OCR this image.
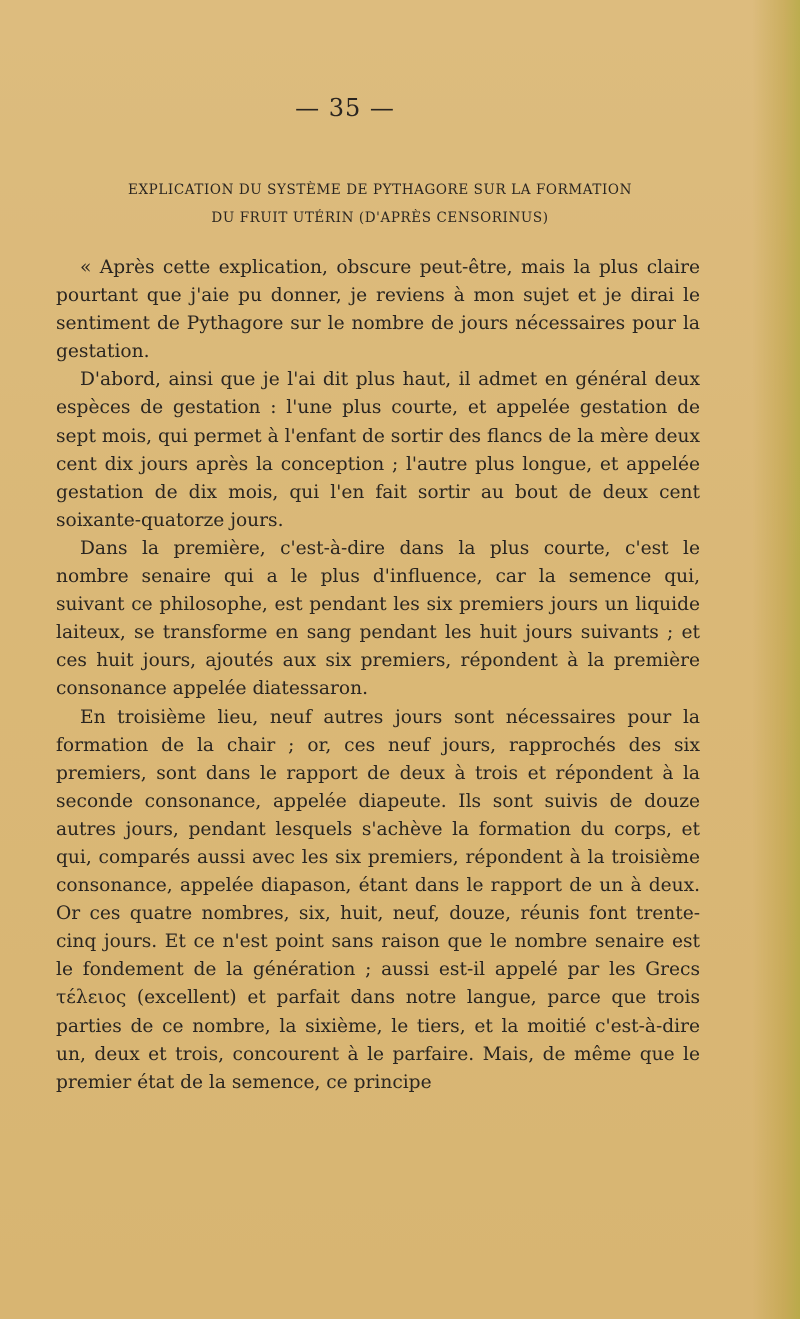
— 35 —
EXPLICATION DU SYSTÈME DE PYTHAGORE SUR LA FORMATION
DU FRUIT UTÉRIN (D'APRÈS CENSORINUS)

« Après cette explication, obscure peut-être, mais la plus claire pourtant que j'aie pu donner, je reviens à mon sujet et je dirai le sentiment de Pythagore sur le nombre de jours nécessaires pour la gestation.

D'abord, ainsi que je l'ai dit plus haut, il admet en général deux espèces de gestation : l'une plus courte, et appelée gestation de sept mois, qui permet à l'enfant de sortir des flancs de la mère deux cent dix jours après la conception ; l'autre plus longue, et appelée gestation de dix mois, qui l'en fait sortir au bout de deux cent soixante-quatorze jours.

Dans la première, c'est-à-dire dans la plus courte, c'est le nombre senaire qui a le plus d'influence, car la semence qui, suivant ce philosophe, est pendant les six premiers jours un liquide laiteux, se transforme en sang pendant les huit jours suivants ; et ces huit jours, ajoutés aux six premiers, répondent à la première consonance appelée diatessaron.

En troisième lieu, neuf autres jours sont nécessaires pour la formation de la chair ; or, ces neuf jours, rapprochés des six premiers, sont dans le rapport de deux à trois et répondent à la seconde consonance, appelée diapeute. Ils sont suivis de douze autres jours, pendant lesquels s'achève la formation du corps, et qui, comparés aussi avec les six premiers, répondent à la troisième consonance, appelée diapason, étant dans le rapport de un à deux. Or ces quatre nombres, six, huit, neuf, douze, réunis font trente-cinq jours. Et ce n'est point sans raison que le nombre senaire est le fondement de la génération ; aussi est-il appelé par les Grecs τέλειος (excellent) et parfait dans notre langue, parce que trois parties de ce nombre, la sixième, le tiers, et la moitié c'est-à-dire un, deux et trois, concourent à le parfaire. Mais, de même que le premier état de la semence, ce principe
